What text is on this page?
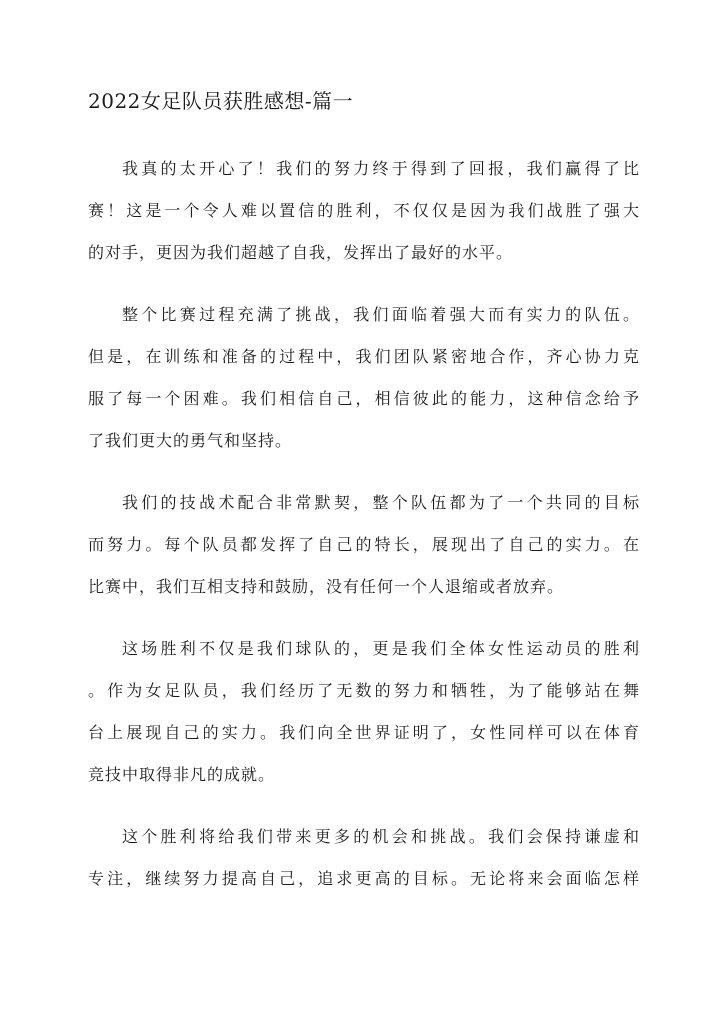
2022女足队员获胜感想-篇一

我真的太开心了！我们的努力终于得到了回报，我们赢得了比
赛！这是一个令人难以置信的胜利，不仅仅是因为我们战胜了强大
的对手，更因为我们超越了自我，发挥出了最好的水平。

整个比赛过程充满了挑战，我们面临着强大而有实力的队伍。
但是，在训练和准备的过程中，我们团队紧密地合作，齐心协力克
服了每一个困难。我们相信自己，相信彼此的能力，这种信念给予
了我们更大的勇气和坚持。

我们的技战术配合非常默契，整个队伍都为了一个共同的目标
而努力。每个队员都发挥了自己的特长，展现出了自己的实力。在
比赛中，我们互相支持和鼓励，没有任何一个人退缩或者放弃。

这场胜利不仅是我们球队的，更是我们全体女性运动员的胜利
。作为女足队员，我们经历了无数的努力和牺牲，为了能够站在舞
台上展现自己的实力。我们向全世界证明了，女性同样可以在体育
竞技中取得非凡的成就。

这个胜利将给我们带来更多的机会和挑战。我们会保持谦虚和
专注，继续努力提高自己，追求更高的目标。无论将来会面临怎样
